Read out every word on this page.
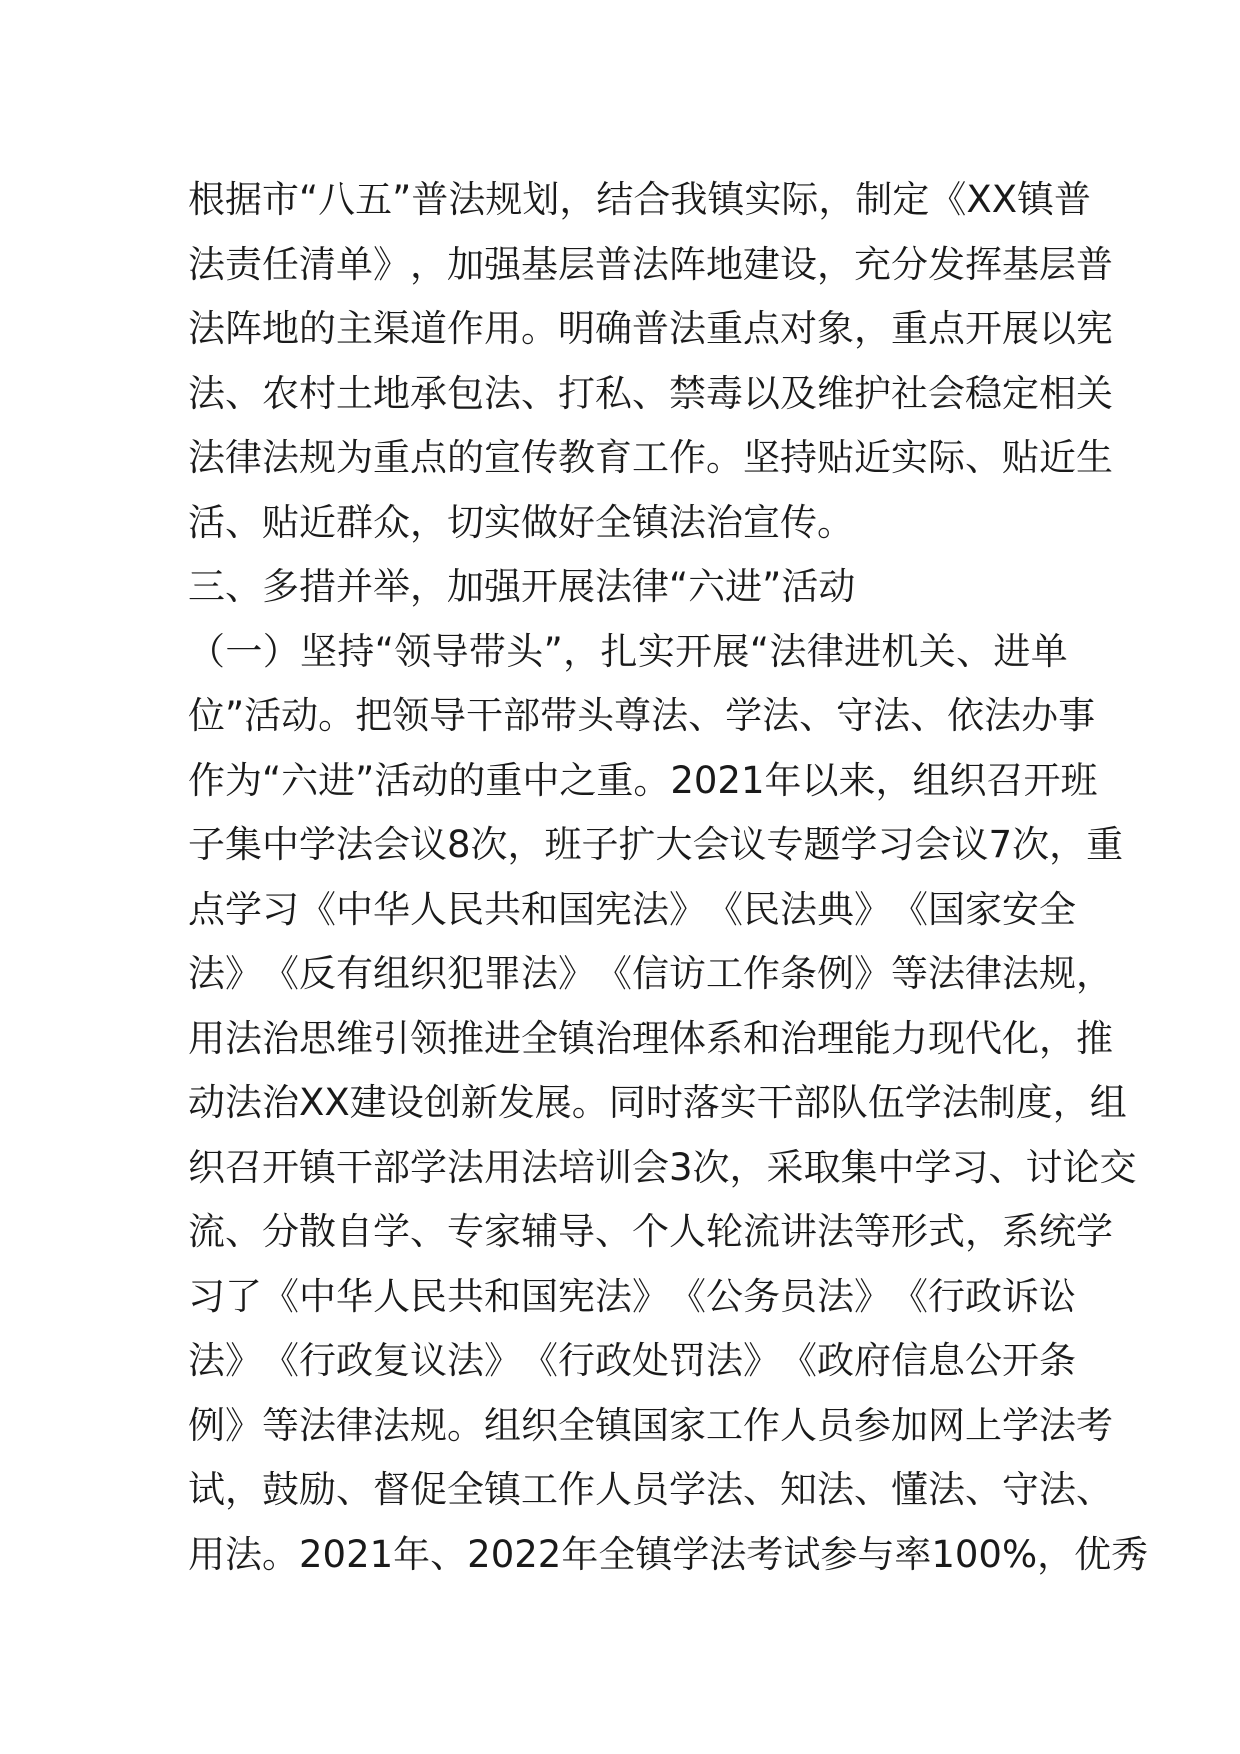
根 据 市 “ 八 五 ” 普 法 规 划 ， 结 合 我 镇 实 际 ， 制 定 《 XX 镇 普
法 责 任 清 单 》 ， 加 强 基 层 普 法 阵 地 建 设 ， 充 分 发 挥 基 层 普
法 阵 地 的 主 渠 道 作 用 。 明 确 普 法 重 点 对 象 ， 重 点 开 展 以 宪
法 、 农 村 土 地 承 包 法 、 打 私 、 禁 毒 以 及 维 护 社 会 稳 定 相 关
法 律 法 规 为 重 点 的 宣 传 教 育 工 作 。 坚 持 贴 近 实 际 、 贴 近 生
活、贴近群众，切实做好全镇法治宣传。
三、多措并举，加强开展法律“六进”活动
（ 一 ） 坚 持 “ 领 导 带 头 ” ， 扎 实 开 展 “ 法 律 进 机 关 、 进 单
位 ” 活 动 。 把 领 导 干 部 带 头 尊 法 、 学 法 、 守 法 、 依 法 办 事
作 为 “ 六 进 ” 活 动 的 重 中 之 重 。 2021 年 以 来 ， 组 织 召 开 班
子 集 中 学 法 会 议 8 次 ， 班 子 扩 大 会 议 专 题 学 习 会 议 7 次 ， 重
点 学 习 《 中 华 人 民 共 和 国 宪 法 》 《 民 法 典 》 《 国 家 安 全
法 》 《 反 有 组 织 犯 罪 法 》 《 信 访 工 作 条 例 》 等 法 律 法 规 ，
用 法 治 思 维 引 领 推 进 全 镇 治 理 体 系 和 治 理 能 力 现 代 化 ， 推
动 法 治 XX 建 设 创 新 发 展 。 同 时 落 实 干 部 队 伍 学 法 制 度 ， 组
织 召 开 镇 干 部 学 法 用 法 培 训 会 3 次 ， 采 取 集 中 学 习 、 讨 论 交
流 、 分 散 自 学 、 专 家 辅 导 、 个 人 轮 流 讲 法 等 形 式 ， 系 统 学
习 了 《 中 华 人 民 共 和 国 宪 法 》 《 公 务 员 法 》 《 行 政 诉 讼
法 》 《 行 政 复 议 法 》 《 行 政 处 罚 法 》 《 政 府 信 息 公 开 条
例 》 等 法 律 法 规 。 组 织 全 镇 国 家 工 作 人 员 参 加 网 上 学 法 考
试 ， 鼓 励 、 督 促 全 镇 工 作 人 员 学 法 、 知 法 、 懂 法 、 守 法 、
用 法 。 2021 年 、 2022 年 全 镇 学 法 考 试 参 与 率 100% ， 优 秀
